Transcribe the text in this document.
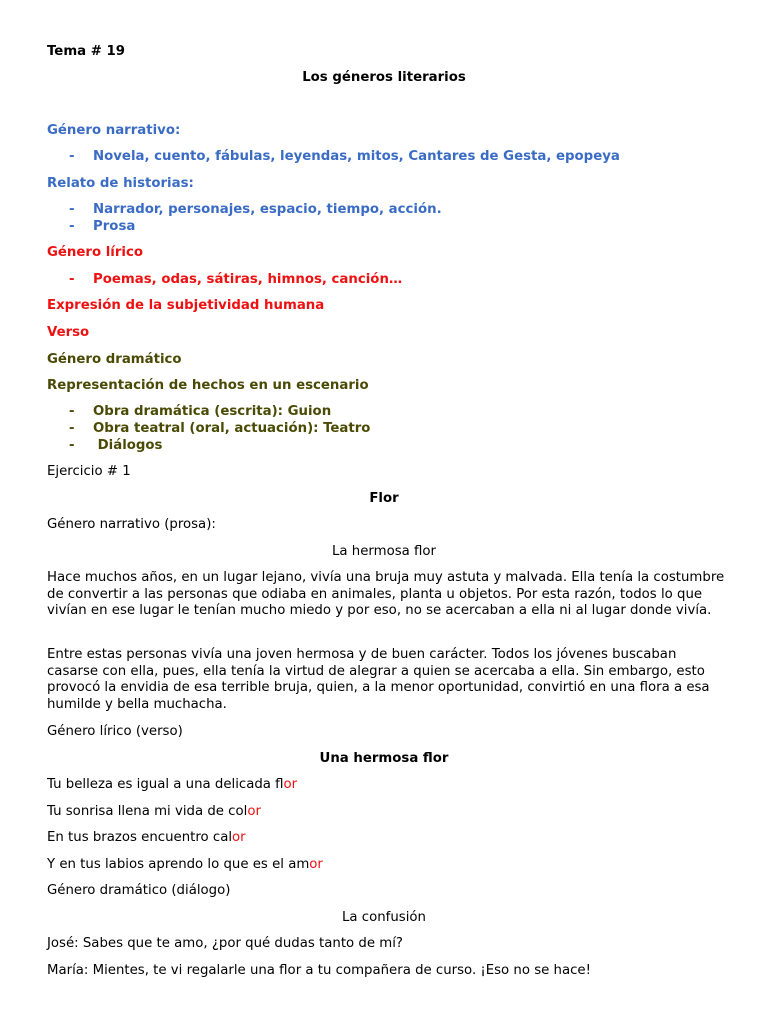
Tema # 19
Los géneros literarios
Género narrativo:
- Novela, cuento, fábulas, leyendas, mitos, Cantares de Gesta, epopeya
Relato de historias:
- Narrador, personajes, espacio, tiempo, acción.
- Prosa
Género lírico
- Poemas, odas, sátiras, himnos, canción…
Expresión de la subjetividad humana
Verso
Género dramático
Representación de hechos en un escenario
- Obra dramática (escrita): Guion
- Obra teatral (oral, actuación): Teatro
- Diálogos
Ejercicio # 1
Flor
Género narrativo (prosa):
La hermosa flor
Hace muchos años, en un lugar lejano, vivía una bruja muy astuta y malvada. Ella tenía la costumbre de convertir a las personas que odiaba en animales, planta u objetos. Por esta razón, todos lo que vivían en ese lugar le tenían mucho miedo y por eso, no se acercaban a ella ni al lugar donde vivía.
Entre estas personas vivía una joven hermosa y de buen carácter. Todos los jóvenes buscaban casarse con ella, pues, ella tenía la virtud de alegrar a quien se acercaba a ella. Sin embargo, esto provocó la envidia de esa terrible bruja, quien, a la menor oportunidad, convirtió en una flora a esa humilde y bella muchacha.
Género lírico (verso)
Una hermosa flor
Tu belleza es igual a una delicada flor
Tu sonrisa llena mi vida de color
En tus brazos encuentro calor
Y en tus labios aprendo lo que es el amor
Género dramático (diálogo)
La confusión
José: Sabes que te amo, ¿por qué dudas tanto de mí?
María: Mientes, te vi regalarle una flor a tu compañera de curso. ¡Eso no se hace!
